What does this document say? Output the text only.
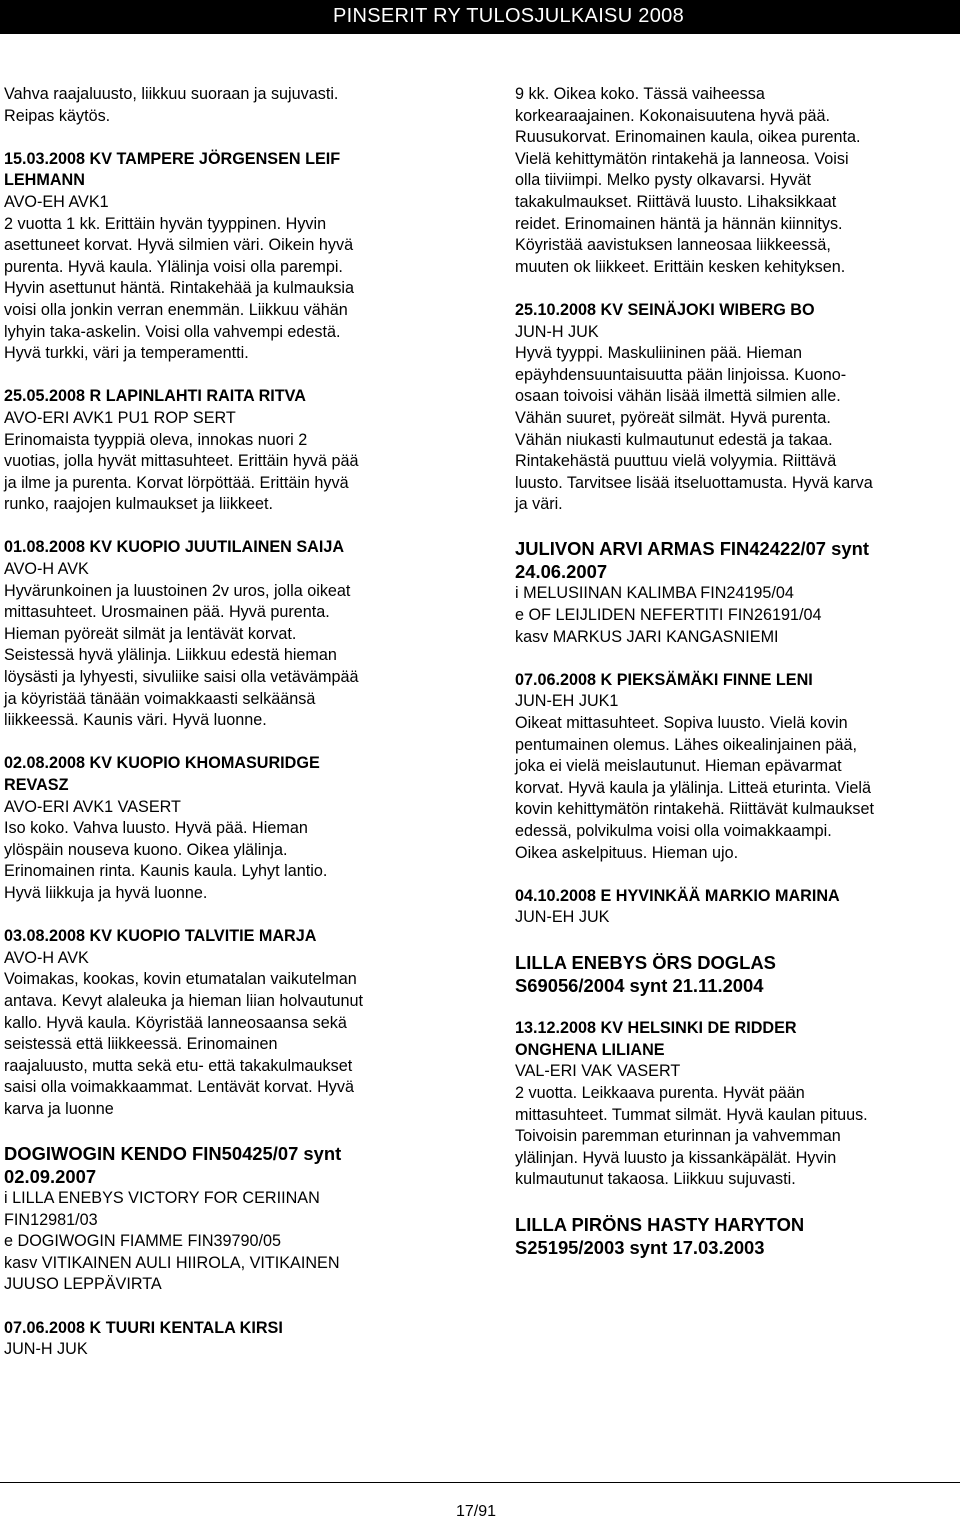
PINSERIT RY TULOSJULKAISU 2008
Vahva raajaluusto, liikkuu suoraan ja sujuvasti.
Reipas käytös.
15.03.2008 KV TAMPERE JÖRGENSEN LEIF
LEHMANN
AVO-EH AVK1
2 vuotta 1 kk. Erittäin hyvän tyyppinen. Hyvin
asettuneet korvat. Hyvä silmien väri. Oikein hyvä
purenta. Hyvä kaula. Ylälinja voisi olla parempi.
Hyvin asettunut häntä. Rintakehää ja kulmauksia
voisi olla jonkin verran enemmän. Liikkuu vähän
lyhyin taka-askelin. Voisi olla vahvempi edestä.
Hyvä turkki, väri ja temperamentti.
25.05.2008 R LAPINLAHTI RAITA RITVA
AVO-ERI AVK1 PU1 ROP SERT
Erinomaista tyyppiä oleva, innokas nuori 2
vuotias, jolla hyvät mittasuhteet. Erittäin hyvä pää
ja ilme ja purenta. Korvat lörpöttää. Erittäin hyvä
runko, raajojen kulmaukset ja liikkeet.
01.08.2008 KV KUOPIO JUUTILAINEN SAIJA
AVO-H AVK
Hyvärunkoinen ja luustoinen 2v uros, jolla oikeat
mittasuhteet. Urosmainen pää. Hyvä purenta.
Hieman pyöreät silmät ja lentävät korvat.
Seistessä hyvä ylälinja. Liikkuu edestä hieman
löysästi ja lyhyesti, sivuliike saisi olla vetävämpää
ja köyristää tänään voimakkaasti selkäänsä
liikkeessä. Kaunis väri. Hyvä luonne.
02.08.2008 KV KUOPIO KHOMASURIDGE
REVASZ
AVO-ERI AVK1 VASERT
Iso koko. Vahva luusto. Hyvä pää. Hieman
ylöspäin nouseva kuono. Oikea ylälinja.
Erinomainen rinta. Kaunis kaula. Lyhyt lantio.
Hyvä liikkuja ja hyvä luonne.
03.08.2008 KV KUOPIO TALVITIE MARJA
AVO-H AVK
Voimakas, kookas, kovin etumatalan vaikutelman
antava. Kevyt alaleuka ja hieman liian holvautunut
kallo. Hyvä kaula. Köyristää lanneosaansa sekä
seistessä että liikkeessä. Erinomainen
raajaluusto, mutta sekä etu- että takakulmaukset
saisi olla voimakkaammat. Lentävät korvat. Hyvä
karva ja luonne
DOGIWOGIN KENDO FIN50425/07 synt
02.09.2007
i LILLA ENEBYS VICTORY FOR CERIINAN
FIN12981/03
e DOGIWOGIN FIAMME FIN39790/05
kasv VITIKAINEN AULI HIIROLA, VITIKAINEN
JUUSO LEPPÄVIRTA
07.06.2008 K TUURI KENTALA KIRSI
JUN-H JUK
9 kk. Oikea koko. Tässä vaiheessa
korkearaajainen. Kokonaisuutena hyvä pää.
Ruusukorvat. Erinomainen kaula, oikea purenta.
Vielä kehittymätön rintakehä ja lanneosa. Voisi
olla tiiviimpi. Melko pysty olkavarsi. Hyvät
takakulmaukset. Riittävä luusto. Lihaksikkaat
reidet. Erinomainen häntä ja hännän kiinnitys.
Köyristää aavistuksen lanneosaa liikkeessä,
muuten ok liikkeet. Erittäin kesken kehityksen.
25.10.2008 KV SEINÄJOKI WIBERG BO
JUN-H JUK
Hyvä tyyppi. Maskuliininen pää. Hieman
epäyhdensuuntaisuutta pään linjoissa. Kuono-
osaan toivoisi vähän lisää ilmettä silmien alle.
Vähän suuret, pyöreät silmät. Hyvä purenta.
Vähän niukasti kulmautunut edestä ja takaa.
Rintakehästä puuttuu vielä volyymia. Riittävä
luusto. Tarvitsee lisää itseluottamusta. Hyvä karva
ja väri.
JULIVON ARVI ARMAS FIN42422/07 synt
24.06.2007
i MELUSIINAN KALIMBA FIN24195/04
e OF LEIJLIDEN NEFERTITI FIN26191/04
kasv MARKUS JARI KANGASNIEMI
07.06.2008 K PIEKSÄMÄKI FINNE LENI
JUN-EH JUK1
Oikeat mittasuhteet. Sopiva luusto. Vielä kovin
pentumainen olemus. Lähes oikealinjainen pää,
joka ei vielä meislautunut. Hieman epävarmat
korvat. Hyvä kaula ja ylälinja. Litteä eturinta. Vielä
kovin kehittymätön rintakehä. Riittävät kulmaukset
edessä, polvikulma voisi olla voimakkaampi.
Oikea askelpituus. Hieman ujo.
04.10.2008 E HYVINKÄÄ MARKIO MARINA
JUN-EH JUK
LILLA ENEBYS ÖRS DOGLAS
S69056/2004 synt 21.11.2004
13.12.2008 KV HELSINKI DE RIDDER
ONGHENA LILIANE
VAL-ERI VAK VASERT
2 vuotta. Leikkaava purenta. Hyvät pään
mittasuhteet. Tummat silmät. Hyvä kaulan pituus.
Toivoisin paremman eturinnan ja vahvemman
ylälinjan. Hyvä luusto ja kissankäpälät. Hyvin
kulmautunut takaosa. Liikkuu sujuvasti.
LILLA PIRÖNS HASTY HARYTON
S25195/2003 synt 17.03.2003
17/91
